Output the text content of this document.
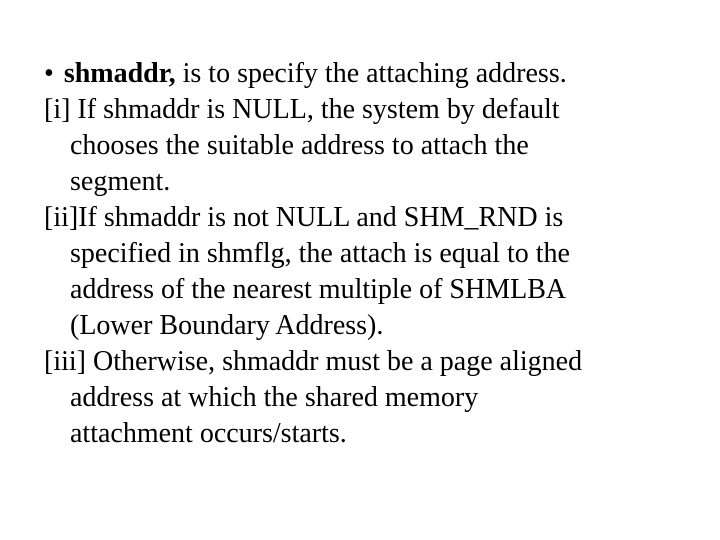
• shmaddr, is to specify the attaching address.
[i] If shmaddr is NULL, the system by default
chooses the suitable address to attach the
segment.
[ii]If shmaddr is not NULL and SHM_RND is
specified in shmflg, the attach is equal to the
address of the nearest multiple of SHMLBA
(Lower Boundary Address).
[iii] Otherwise, shmaddr must be a page aligned
address at which the shared memory
attachment occurs/starts.
